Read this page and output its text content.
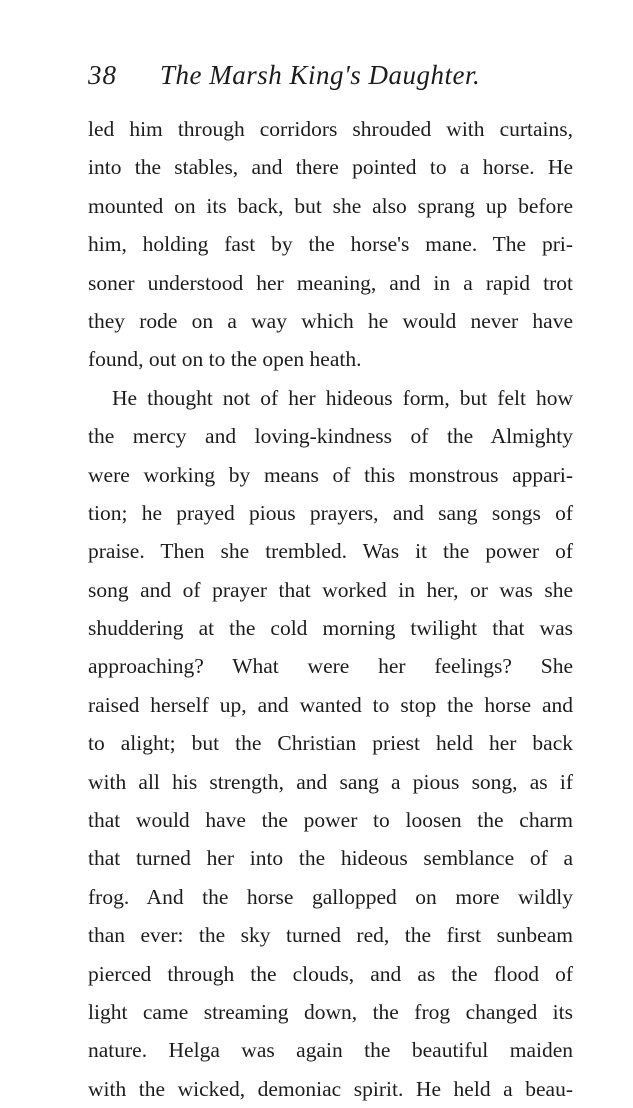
38 The Marsh King's Daughter.
led him through corridors shrouded with curtains,
into the stables, and there pointed to a horse. He
mounted on its back, but she also sprang up before
him, holding fast by the horse's mane. The pri-
soner understood her meaning, and in a rapid trot
they rode on a way which he would never have
found, out on to the open heath.
He thought not of her hideous form, but felt how
the mercy and loving-kindness of the Almighty
were working by means of this monstrous appari-
tion; he prayed pious prayers, and sang songs of
praise. Then she trembled. Was it the power of
song and of prayer that worked in her, or was she
shuddering at the cold morning twilight that was
approaching? What were her feelings? She
raised herself up, and wanted to stop the horse and
to alight; but the Christian priest held her back
with all his strength, and sang a pious song, as if
that would have the power to loosen the charm
that turned her into the hideous semblance of a
frog. And the horse gallopped on more wildly
than ever: the sky turned red, the first sunbeam
pierced through the clouds, and as the flood of
light came streaming down, the frog changed its
nature. Helga was again the beautiful maiden
with the wicked, demoniac spirit. He held a beau-
